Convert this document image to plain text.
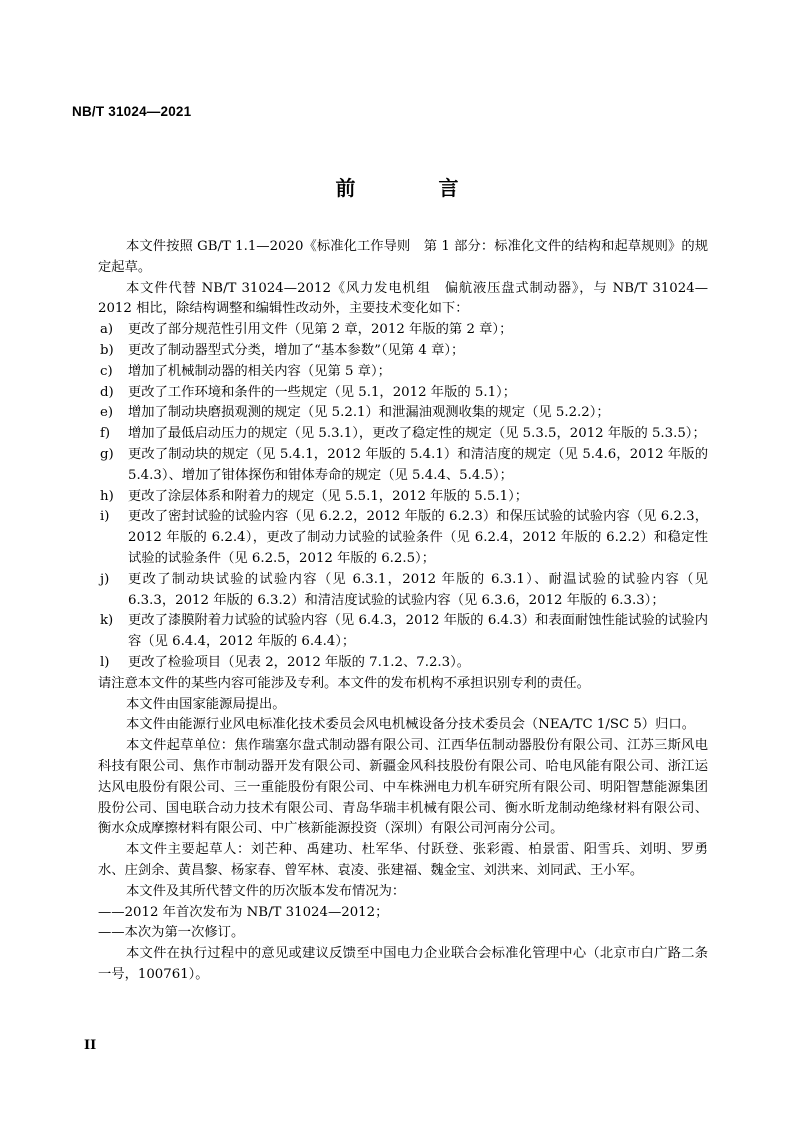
NB/T 31024—2021
前 言

本文件按照 GB/T 1.1—2020《标准化工作导则　第 1 部分：标准化文件的结构和起草规则》的规定起草。

本文件代替 NB/T 31024—2012《风力发电机组　偏航液压盘式制动器》，与 NB/T 31024—2012 相比，除结构调整和编辑性改动外，主要技术变化如下：

a)	更改了部分规范性引用文件（见第 2 章，2012 年版的第 2 章）；
b)	更改了制动器型式分类，增加了“基本参数”（见第 4 章）；
c)	增加了机械制动器的相关内容（见第 5 章）；
d)	更改了工作环境和条件的一些规定（见 5.1，2012 年版的 5.1）；
e)	增加了制动块磨损观测的规定（见 5.2.1）和泄漏油观测收集的规定（见 5.2.2）；
f)	增加了最低启动压力的规定（见 5.3.1），更改了稳定性的规定（见 5.3.5，2012 年版的 5.3.5）；
g)	更改了制动块的规定（见 5.4.1，2012 年版的 5.4.1）和清洁度的规定（见 5.4.6，2012 年版的 5.4.3）、增加了钳体探伤和钳体寿命的规定（见 5.4.4、5.4.5）；
h)	更改了涂层体系和附着力的规定（见 5.5.1，2012 年版的 5.5.1）；
i)	更改了密封试验的试验内容（见 6.2.2，2012 年版的 6.2.3）和保压试验的试验内容（见 6.2.3，2012 年版的 6.2.4），更改了制动力试验的试验条件（见 6.2.4，2012 年版的 6.2.2）和稳定性试验的试验条件（见 6.2.5，2012 年版的 6.2.5）；
j)	更改了制动块试验的试验内容（见 6.3.1，2012 年版的 6.3.1）、耐温试验的试验内容（见 6.3.3，2012 年版的 6.3.2）和清洁度试验的试验内容（见 6.3.6，2012 年版的 6.3.3）；
k)	更改了漆膜附着力试验的试验内容（见 6.4.3，2012 年版的 6.4.3）和表面耐蚀性能试验的试验内容（见 6.4.4，2012 年版的 6.4.4）；
l)	更改了检验项目（见表 2，2012 年版的 7.1.2、7.2.3）。

请注意本文件的某些内容可能涉及专利。本文件的发布机构不承担识别专利的责任。

本文件由国家能源局提出。

本文件由能源行业风电标准化技术委员会风电机械设备分技术委员会（NEA/TC 1/SC 5）归口。

本文件起草单位：焦作瑞塞尔盘式制动器有限公司、江西华伍制动器股份有限公司、江苏三斯风电科技有限公司、焦作市制动器开发有限公司、新疆金风科技股份有限公司、哈电风能有限公司、浙江运达风电股份有限公司、三一重能股份有限公司、中车株洲电力机车研究所有限公司、明阳智慧能源集团股份公司、国电联合动力技术有限公司、青岛华瑞丰机械有限公司、衡水昕龙制动绝缘材料有限公司、衡水众成摩擦材料有限公司、中广核新能源投资（深圳）有限公司河南分公司。

本文件主要起草人：刘芒种、禹建功、杜军华、付跃登、张彩霞、柏景雷、阳雪兵、刘明、罗勇水、庄剑余、黄昌黎、杨家春、曾军林、袁凌、张建福、魏金宝、刘洪来、刘同武、王小军。

本文件及其所代替文件的历次版本发布情况为：

——2012 年首次发布为 NB/T 31024—2012；

——本次为第一次修订。

本文件在执行过程中的意见或建议反馈至中国电力企业联合会标准化管理中心（北京市白广路二条一号，100761）。

II
